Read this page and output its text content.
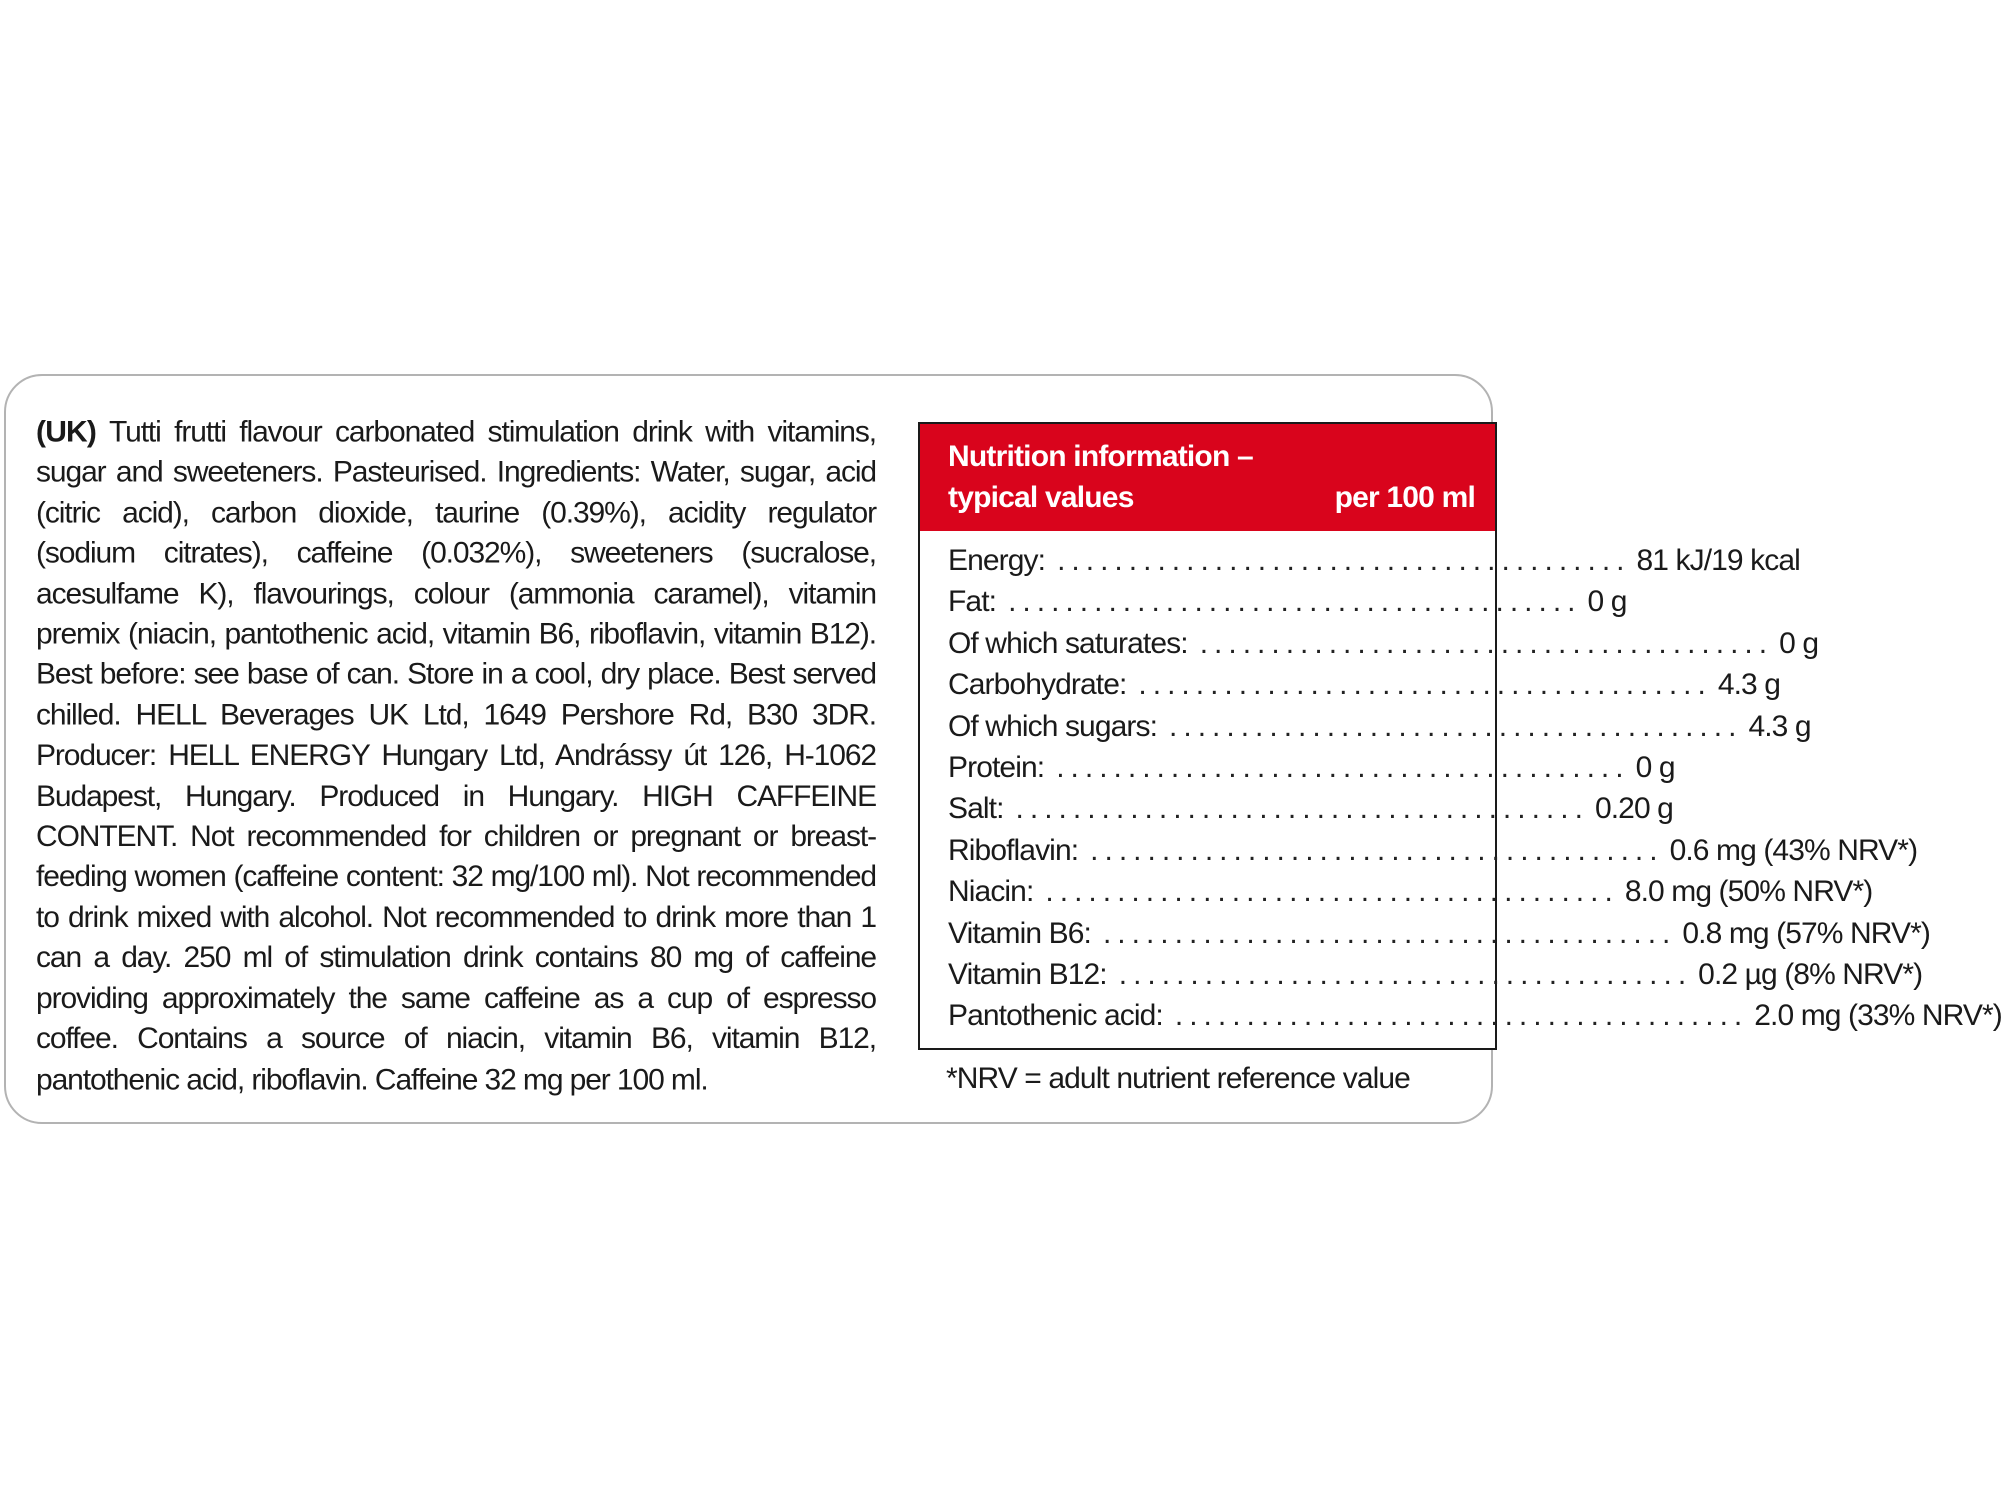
(UK) Tutti frutti flavour carbonated stimulation drink with vitamins, sugar and sweeteners. Pasteurised. Ingredients: Water, sugar, acid (citric acid), carbon dioxide, taurine (0.39%), acidity regulator (sodium citrates), caffeine (0.032%), sweeteners (sucralose, acesulfame K), flavourings, colour (ammonia caramel), vitamin premix (niacin, pantothenic acid, vitamin B6, riboflavin, vitamin B12). Best before: see base of can. Store in a cool, dry place. Best served chilled. HELL Beverages UK Ltd, 1649 Pershore Rd, B30 3DR. Producer: HELL ENERGY Hungary Ltd, Andrássy út 126, H-1062 Budapest, Hungary. Produced in Hungary. HIGH CAFFEINE CONTENT. Not recommended for children or pregnant or breast-feeding women (caffeine content: 32 mg/100 ml). Not recommended to drink mixed with alcohol. Not recommended to drink more than 1 can a day. 250 ml of stimulation drink contains 80 mg of caffeine providing approximately the same caffeine as a cup of espresso coffee. Contains a source of niacin, vitamin B6, vitamin B12, pantothenic acid, riboflavin. Caffeine 32 mg per 100 ml.
Nutrition information –
typical values	per 100 ml
Energy: ........................................ 81 kJ/19 kcal
Fat: ........................................ 0 g
Of which saturates: ........................................ 0 g
Carbohydrate: ........................................ 4.3 g
Of which sugars: ........................................ 4.3 g
Protein: ........................................ 0 g
Salt: ........................................ 0.20 g
Riboflavin: ........................................ 0.6 mg (43% NRV*)
Niacin: ........................................ 8.0 mg (50% NRV*)
Vitamin B6: ........................................ 0.8 mg (57% NRV*)
Vitamin B12: ........................................ 0.2 µg (8% NRV*)
Pantothenic acid: ........................................ 2.0 mg (33% NRV*)
*NRV = adult nutrient reference value
